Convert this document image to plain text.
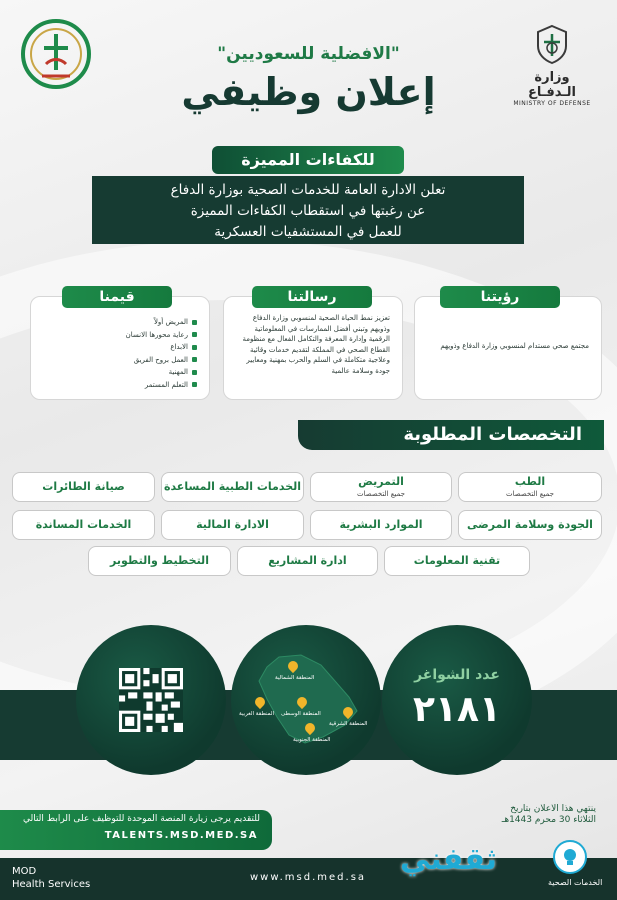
وزارة الـدفـاع
MINISTRY OF DEFENSE
"الافضلية للسعوديين"
إعلان وظيفي
للكفاءات المميزة
تعلن الادارة العامة للخدمات الصحية بوزارة الدفاع
عن رغبتها في استقطاب الكفاءات المميزة
للعمل في المستشفيات العسكرية
مجتمع صحي مستدام لمنسوبي وزارة الدفاع وذويهم
رؤيتنا
تعزيز نمط الحياة الصحية لمنسوبي وزارة الدفاع وذويهم وتبني أفضل الممارسات في المعلوماتية الرقمية وإدارة المعرفة والتكامل الفعال مع منظومة القطاع الصحي في المملكة لتقديم خدمات وقائية وعلاجية متكاملة في السلم والحرب بمهنية ومعايير جودة وسلامة عالمية
رسالتنا
المريض أولاً
رعاية محورها الانسان
الابداع
العمل بروح الفريق
المهنية
التعلم المستمر
قيمنا
التخصصات المطلوبة
الطب
جميع التخصصات
التمريض
جميع التخصصات
الخدمات الطبية المساعدة
صيانة الطائرات
الجودة وسلامة المرضى
الموارد البشرية
الادارة المالية
الخدمات المساندة
تقنية المعلومات
ادارة المشاريع
التخطيط والتطوير
المنطقة الشمالية
المنطقة الوسطى
المنطقة الغربية
المنطقة الشرقية
المنطقة الجنوبية
عدد الشواغر
٢١٨١
للتقديم يرجى زيارة المنصة الموحدة للتوظيف على الرابط التالي
TALENTS.MSD.MED.SA
ينتهي هذا الاعلان بتاريخ
الثلاثاء 30 محرم 1443هـ
MOD
Health Services
www.msd.med.sa	الخدمات الصحية
ثقفني
